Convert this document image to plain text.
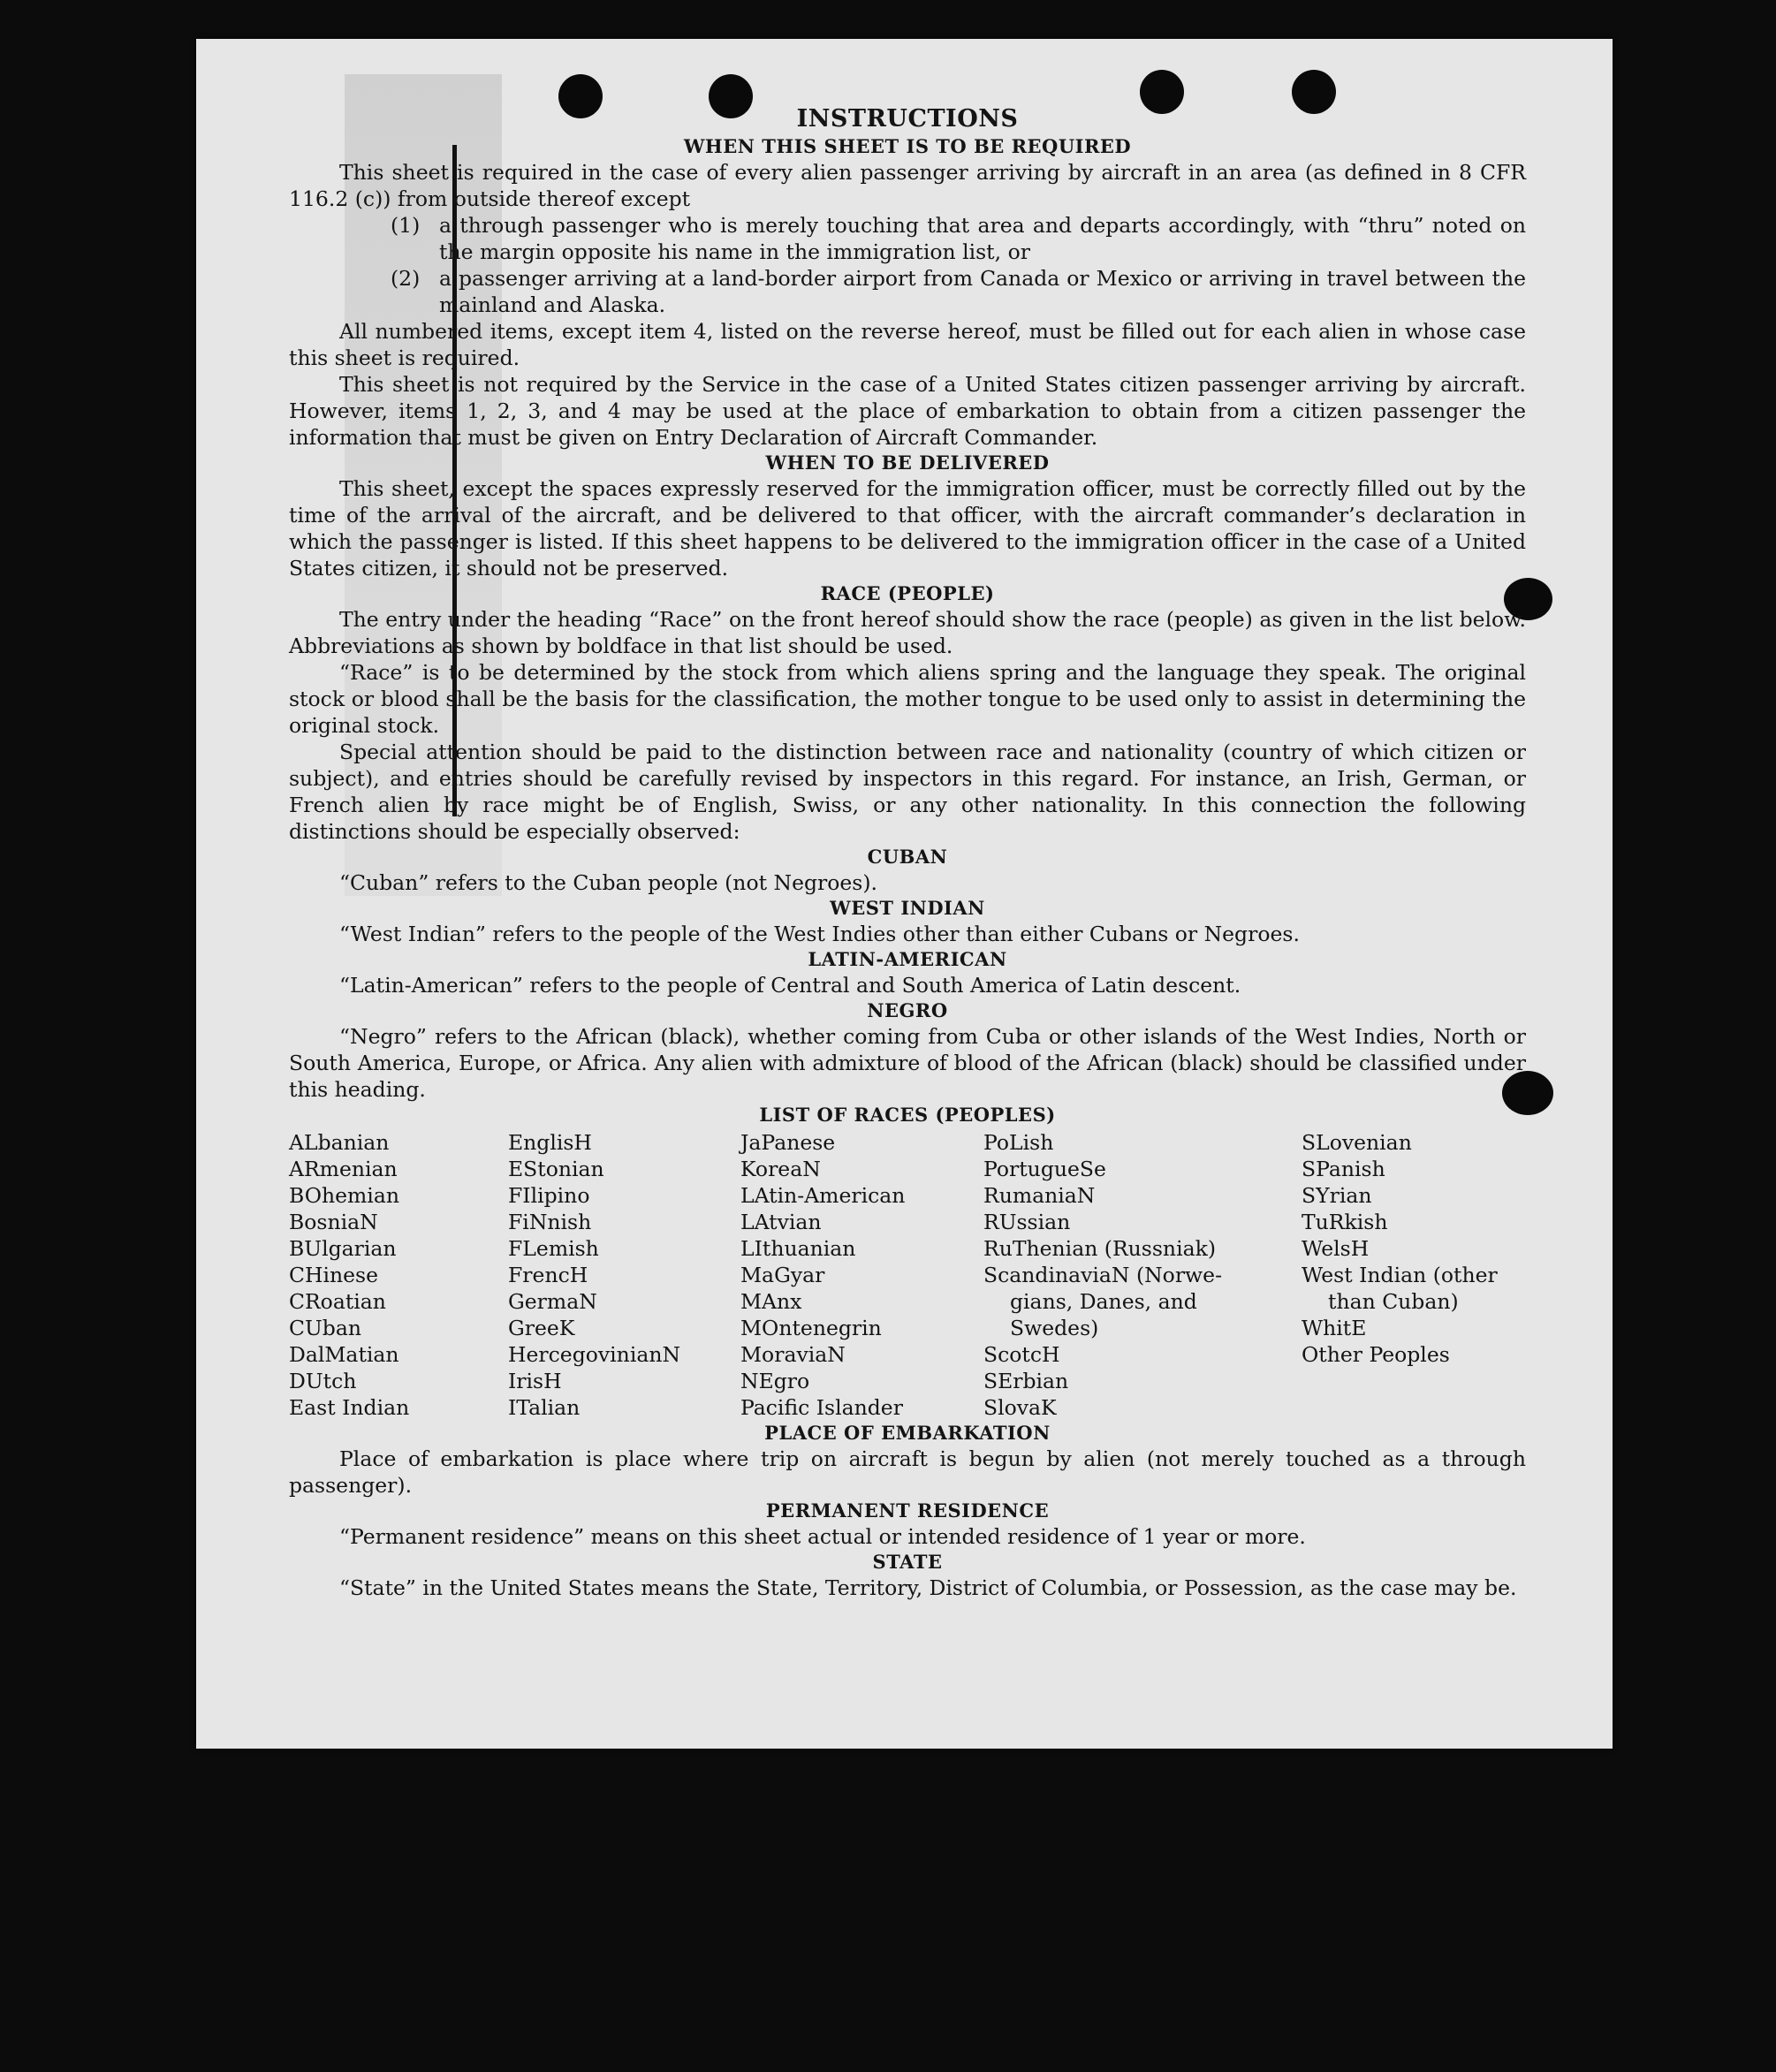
INSTRUCTIONS
WHEN THIS SHEET IS TO BE REQUIRED

This sheet is required in the case of every alien passenger arriving by aircraft in an area (as defined in 8 CFR 116.2 (c)) from outside thereof except

(1) a through passenger who is merely touching that area and departs accordingly, with “thru” noted on the margin opposite his name in the immigration list, or
(2) a passenger arriving at a land-border airport from Canada or Mexico or arriving in travel between the mainland and Alaska.

All numbered items, except item 4, listed on the reverse hereof, must be filled out for each alien in whose case this sheet is required.

This sheet is not required by the Service in the case of a United States citizen passenger arriving by aircraft. However, items 1, 2, 3, and 4 may be used at the place of embarkation to obtain from a citizen passenger the information that must be given on Entry Declaration of Aircraft Commander.

WHEN TO BE DELIVERED

This sheet, except the spaces expressly reserved for the immigration officer, must be correctly filled out by the time of the arrival of the aircraft, and be delivered to that officer, with the aircraft commander’s declaration in which the passenger is listed. If this sheet happens to be delivered to the immigration officer in the case of a United States citizen, it should not be preserved.

RACE (PEOPLE)

The entry under the heading “Race” on the front hereof should show the race (people) as given in the list below. Abbreviations as shown by boldface in that list should be used.

“Race” is to be determined by the stock from which aliens spring and the language they speak. The original stock or blood shall be the basis for the classification, the mother tongue to be used only to assist in determining the original stock.

Special attention should be paid to the distinction between race and nationality (country of which citizen or subject), and entries should be carefully revised by inspectors in this regard. For instance, an Irish, German, or French alien by race might be of English, Swiss, or any other nationality. In this connection the following distinctions should be especially observed:

CUBAN
“Cuban” refers to the Cuban people (not Negroes).
WEST INDIAN
“West Indian” refers to the people of the West Indies other than either Cubans or Negroes.
LATIN-AMERICAN
“Latin-American” refers to the people of Central and South America of Latin descent.
NEGRO

“Negro” refers to the African (black), whether coming from Cuba or other islands of the West Indies, North or South America, Europe, or Africa. Any alien with admixture of blood of the African (black) should be classified under this heading.

LIST OF RACES (PEOPLES)
ALbanian
ARmenian
BOhemian
BosniaN
BUlgarian
CHinese
CRoatian
CUban
DalMatian
DUtch
East Indian
EnglisH
EStonian
FIlipino
FiNnish
FLemish
FrencH
GermaN
GreeK
HercegovinianN
IrisH
ITalian
JaPanese
KoreaN
LAtin-American
LAtvian
LIthuanian
MaGyar
MAnx
MOntenegrin
MoraviaN
NEgro
Pacific Islander
PoLish
PortugueSe
RumaniaN
RUssian
RuThenian (Russniak)
ScandinaviaN (Norwe-
gians, Danes, and
Swedes)
ScotcH
SErbian
SlovaK
SLovenian
SPanish
SYrian
TuRkish
WelsH
West Indian (other
than Cuban)
WhitE
Other Peoples
PLACE OF EMBARKATION

Place of embarkation is place where trip on aircraft is begun by alien (not merely touched as a through passenger).

PERMANENT RESIDENCE

“Permanent residence” means on this sheet actual or intended residence of 1 year or more.

STATE

“State” in the United States means the State, Territory, District of Columbia, or Possession, as the case may be.
